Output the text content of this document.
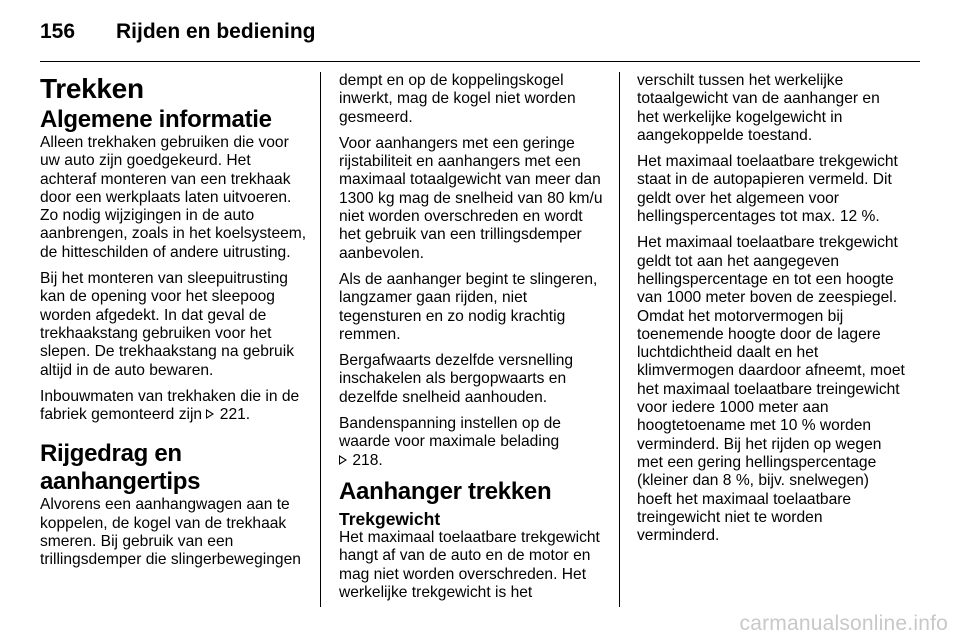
156 Rijden en bediening
Trekken
Algemene informatie

Alleen trekhaken gebruiken die voor uw auto zijn goedgekeurd. Het achteraf monteren van een trekhaak door een werkplaats laten uitvoeren. Zo nodig wijzigingen in de auto aanbrengen, zoals in het koelsysteem, de hitteschilden of andere uitrusting.

Bij het monteren van sleepuitrusting kan de opening voor het sleepoog worden afgedekt. In dat geval de trekhaakstang gebruiken voor het slepen. De trekhaakstang na gebruik altijd in de auto bewaren.

Inbouwmaten van trekhaken die in de fabriek gemonteerd zijn  221.

Rijgedrag en aanhangertips

Alvorens een aanhangwagen aan te koppelen, de kogel van de trekhaak smeren. Bij gebruik van een trillingsdemper die slingerbewegingen

dempt en op de koppelingskogel inwerkt, mag de kogel niet worden gesmeerd.

Voor aanhangers met een geringe rijstabiliteit en aanhangers met een maximaal totaalgewicht van meer dan 1300 kg mag de snelheid van 80 km/u niet worden overschreden en wordt het gebruik van een trillingsdemper aanbevolen.

Als de aanhanger begint te slingeren, langzamer gaan rijden, niet tegensturen en zo nodig krachtig remmen.

Bergafwaarts dezelfde versnelling inschakelen als bergopwaarts en dezelfde snelheid aanhouden.

Bandenspanning instellen op de waarde voor maximale belading
218.

Aanhanger trekken
Trekgewicht

Het maximaal toelaatbare trekgewicht hangt af van de auto en de motor en mag niet worden overschreden. Het werkelijke trekgewicht is het

verschilt tussen het werkelijke totaalgewicht van de aanhanger en het werkelijke kogelgewicht in aangekoppelde toestand.

Het maximaal toelaatbare trekgewicht staat in de autopapieren vermeld. Dit geldt over het algemeen voor hellingspercentages tot max. 12 %.

Het maximaal toelaatbare trekgewicht geldt tot aan het aangegeven hellingspercentage en tot een hoogte van 1000 meter boven de zeespiegel. Omdat het motorvermogen bij toenemende hoogte door de lagere luchtdichtheid daalt en het klimvermogen daardoor afneemt, moet het maximaal toelaatbare treingewicht voor iedere 1000 meter aan hoogtetoename met 10 % worden verminderd. Bij het rijden op wegen met een gering hellingspercentage (kleiner dan 8 %, bijv. snelwegen) hoeft het maximaal toelaatbare treingewicht niet te worden verminderd.

carmanualsonline.info
